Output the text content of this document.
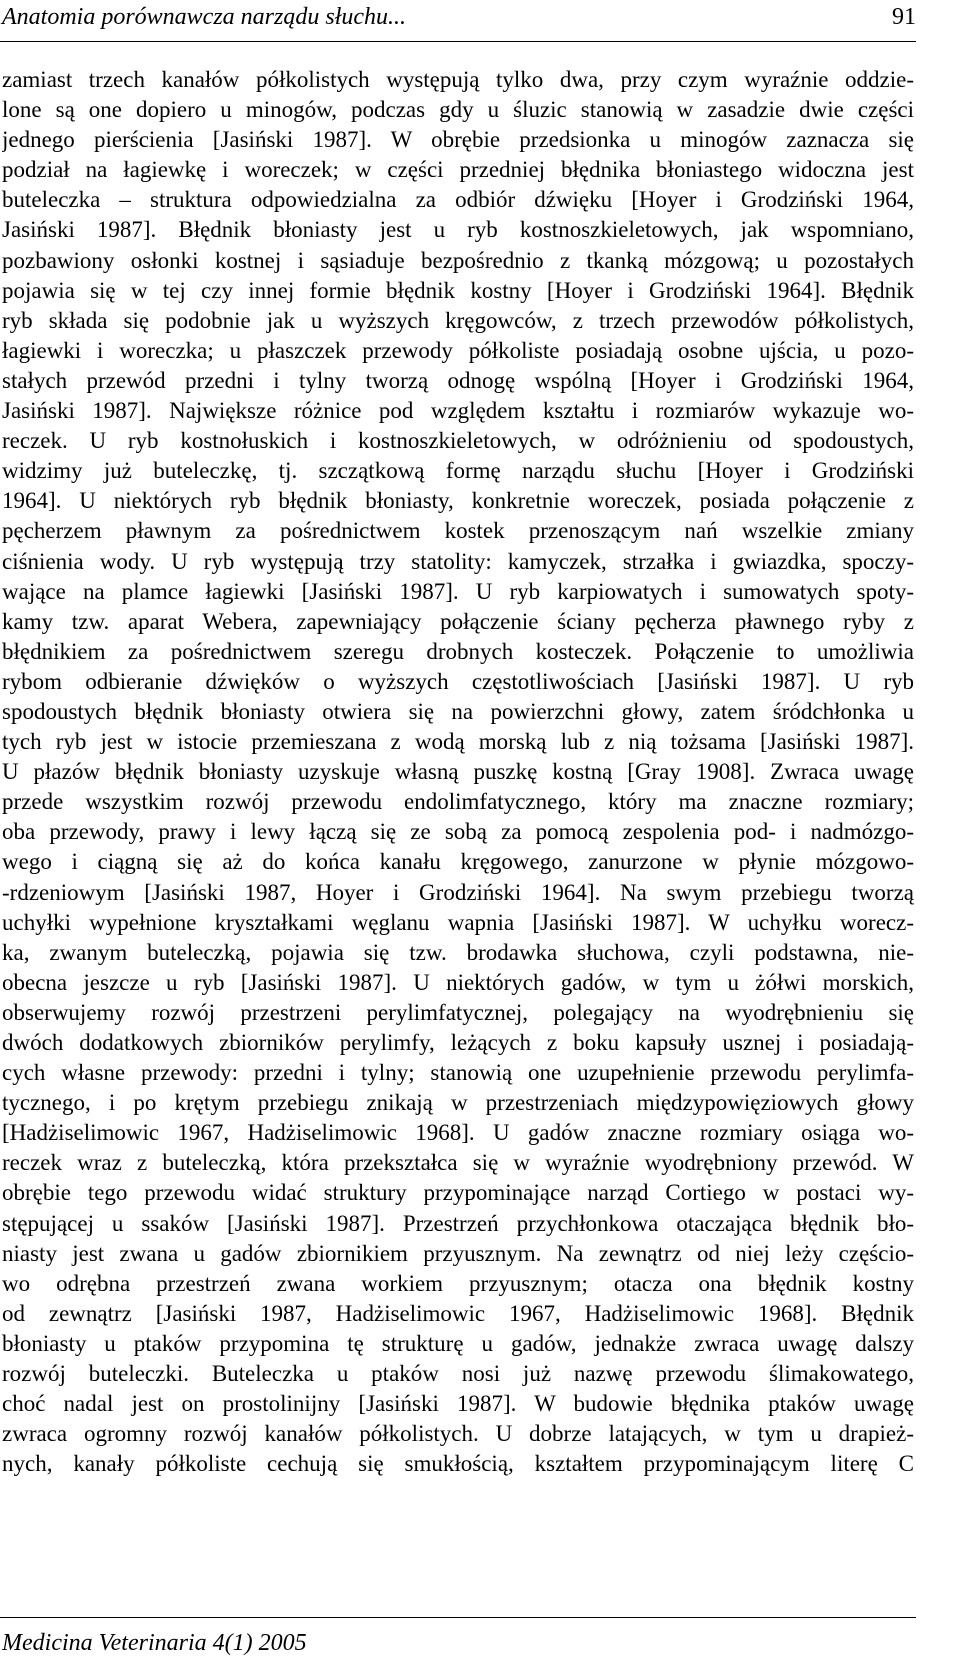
Anatomia porównawcza narządu słuchu...	91
zamiast trzech kanałów półkolistych występują tylko dwa, przy czym wyraźnie oddzie-
lone są one dopiero u minogów, podczas gdy u śluzic stanowią w zasadzie dwie części
jednego pierścienia [Jasiński 1987]. W obrębie przedsionka u minogów zaznacza się
podział na łagiewkę i woreczek; w części przedniej błędnika błoniastego widoczna jest
buteleczka – struktura odpowiedzialna za odbiór dźwięku [Hoyer i Grodziński 1964,
Jasiński 1987]. Błędnik błoniasty jest u ryb kostnoszkieletowych, jak wspomniano,
pozbawiony osłonki kostnej i sąsiaduje bezpośrednio z tkanką mózgową; u pozostałych
pojawia się w tej czy innej formie błędnik kostny [Hoyer i Grodziński 1964]. Błędnik
ryb składa się podobnie jak u wyższych kręgowców, z trzech przewodów półkolistych,
łagiewki i woreczka; u płaszczek przewody półkoliste posiadają osobne ujścia, u pozo-
stałych przewód przedni i tylny tworzą odnogę wspólną [Hoyer i Grodziński 1964,
Jasiński 1987]. Największe różnice pod względem kształtu i rozmiarów wykazuje wo-
reczek. U ryb kostnołuskich i kostnoszkieletowych, w odróżnieniu od spodoustych,
widzimy już buteleczkę, tj. szczątkową formę narządu słuchu [Hoyer i Grodziński
1964]. U niektórych ryb błędnik błoniasty, konkretnie woreczek, posiada połączenie z
pęcherzem pławnym za pośrednictwem kostek przenoszącym nań wszelkie zmiany
ciśnienia wody. U ryb występują trzy statolity: kamyczek, strzałka i gwiazdka, spoczy-
wające na plamce łagiewki [Jasiński 1987]. U ryb karpiowatych i sumowatych spoty-
kamy tzw. aparat Webera, zapewniający połączenie ściany pęcherza pławnego ryby z
błędnikiem za pośrednictwem szeregu drobnych kosteczek. Połączenie to umożliwia
rybom odbieranie dźwięków o wyższych częstotliwościach [Jasiński 1987]. U ryb
spodoustych błędnik błoniasty otwiera się na powierzchni głowy, zatem śródchłonka u
tych ryb jest w istocie przemieszana z wodą morską lub z nią tożsama [Jasiński 1987].
U płazów błędnik błoniasty uzyskuje własną puszkę kostną [Gray 1908]. Zwraca uwagę
przede wszystkim rozwój przewodu endolimfatycznego, który ma znaczne rozmiary;
oba przewody, prawy i lewy łączą się ze sobą za pomocą zespolenia pod- i nadmózgo-
wego i ciągną się aż do końca kanału kręgowego, zanurzone w płynie mózgowo-
-rdzeniowym [Jasiński 1987, Hoyer i Grodziński 1964]. Na swym przebiegu tworzą
uchyłki wypełnione kryształkami węglanu wapnia [Jasiński 1987]. W uchyłku worecz-
ka, zwanym buteleczką, pojawia się tzw. brodawka słuchowa, czyli podstawna, nie-
obecna jeszcze u ryb [Jasiński 1987]. U niektórych gadów, w tym u żółwi morskich,
obserwujemy rozwój przestrzeni perylimfatycznej, polegający na wyodrębnieniu się
dwóch dodatkowych zbiorników perylimfy, leżących z boku kapsuły usznej i posiadają-
cych własne przewody: przedni i tylny; stanowią one uzupełnienie przewodu perylimfa-
tycznego, i po krętym przebiegu znikają w przestrzeniach międzypowięziowych głowy
[Hadżiselimowic 1967, Hadżiselimowic 1968]. U gadów znaczne rozmiary osiąga wo-
reczek wraz z buteleczką, która przekształca się w wyraźnie wyodrębniony przewód. W
obrębie tego przewodu widać struktury przypominające narząd Cortiego w postaci wy-
stępującej u ssaków [Jasiński 1987]. Przestrzeń przychłonkowa otaczająca błędnik bło-
niasty jest zwana u gadów zbiornikiem przyusznym. Na zewnątrz od niej leży częścio-
wo odrębna przestrzeń zwana workiem przyusznym; otacza ona błędnik kostny
od zewnątrz [Jasiński 1987, Hadżiselimowic 1967, Hadżiselimowic 1968]. Błędnik
błoniasty u ptaków przypomina tę strukturę u gadów, jednakże zwraca uwagę dalszy
rozwój buteleczki. Buteleczka u ptaków nosi już nazwę przewodu ślimakowatego,
choć nadal jest on prostolinijny [Jasiński 1987]. W budowie błędnika ptaków uwagę
zwraca ogromny rozwój kanałów półkolistych. U dobrze latających, w tym u drapież-
nych, kanały półkoliste cechują się smukłością, kształtem przypominającym literę C
Medicina Veterinaria 4(1) 2005
